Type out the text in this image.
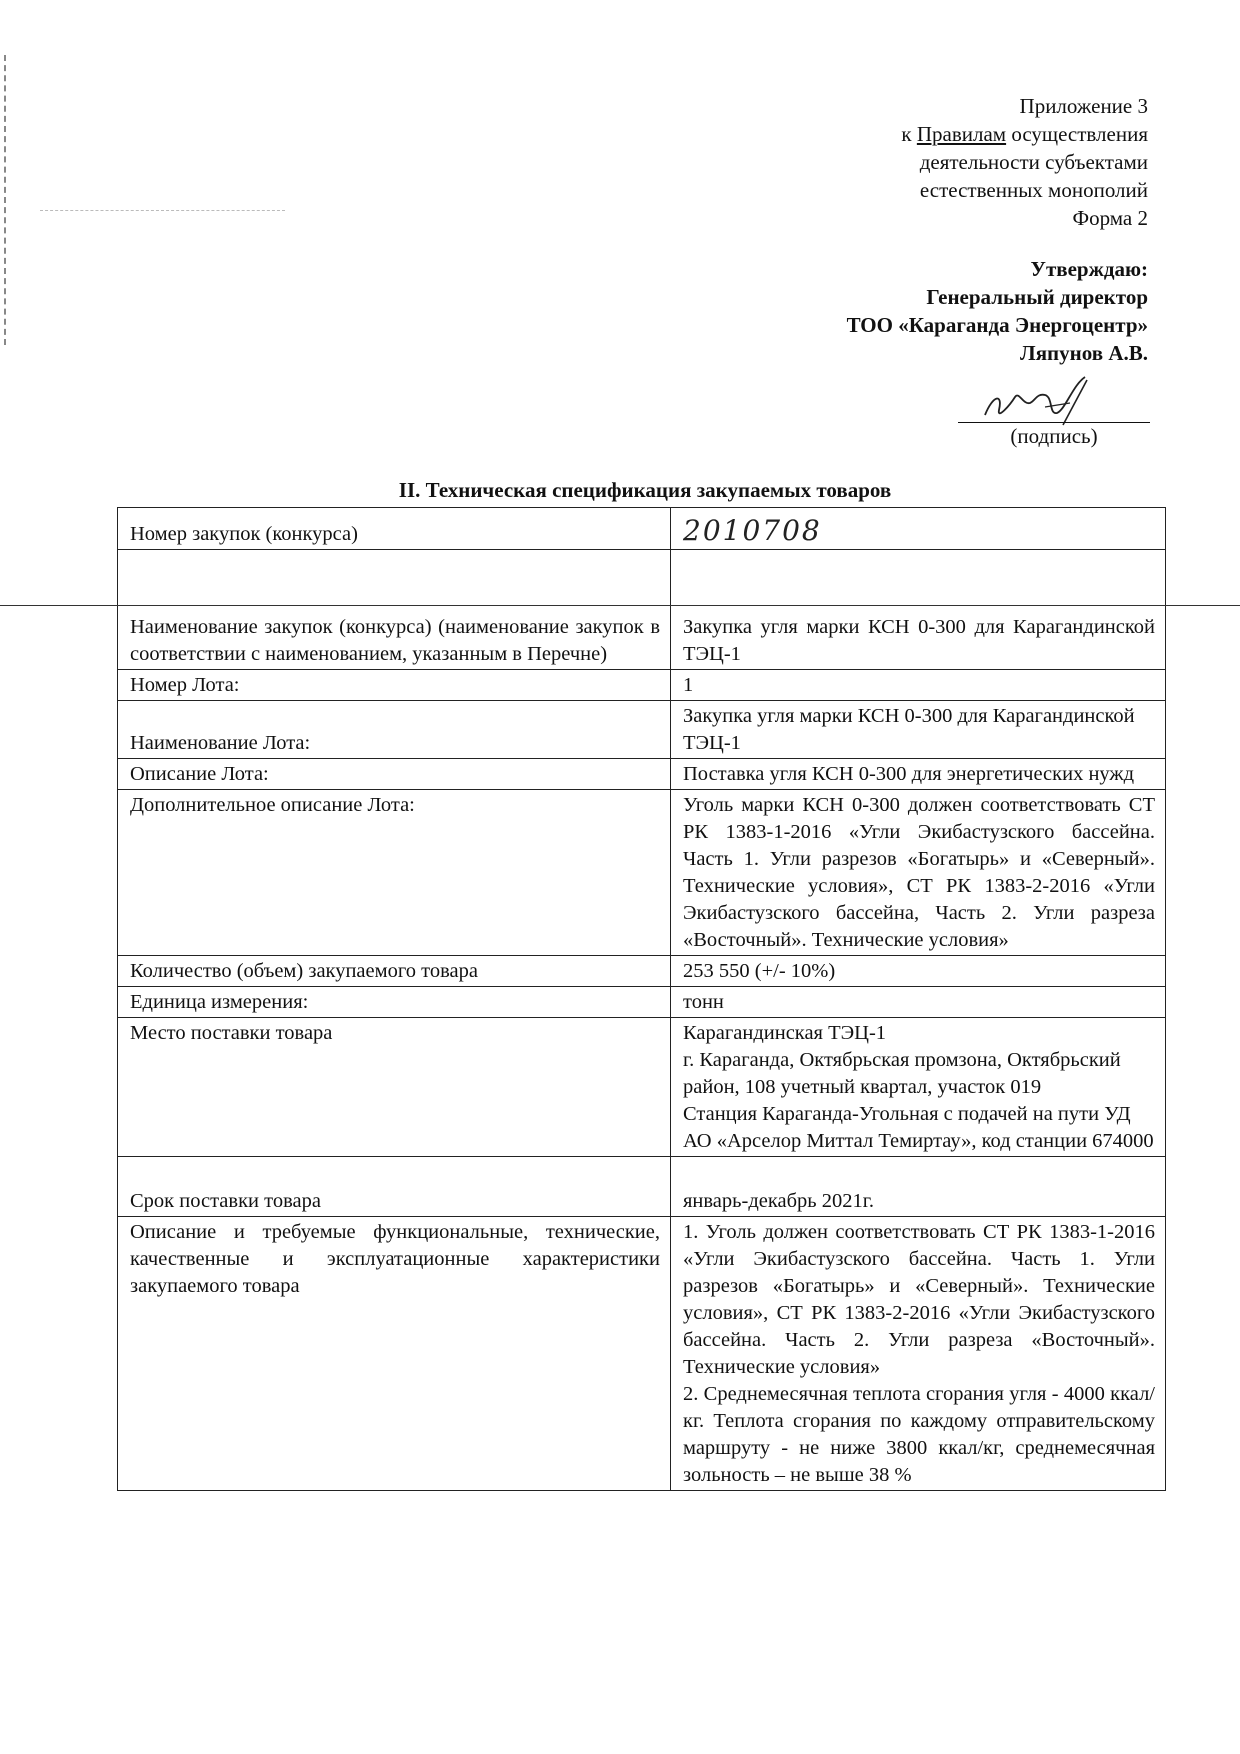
Приложение 3
к Правилам осуществления
деятельности субъектами
естественных монополий
Форма 2
Утверждаю:
Генеральный директор
ТОО «Караганда Энергоцентр»
Ляпунов А.В.
(подпись)
II. Техническая спецификация закупаемых товаров
Номер закупок (конкурса)	2010708
Наименование закупок (конкурса) (наименование закупок в соответствии с наименованием, указанным в Перечне)	Закупка угля марки КСН 0-300 для Карагандинской ТЭЦ-1
Номер Лота:	1
Наименование Лота:	Закупка угля марки КСН 0-300 для Карагандинской ТЭЦ-1
Описание Лота:	Поставка угля КСН 0-300 для энергетических нужд
Дополнительное описание Лота:	Уголь марки КСН 0-300 должен соответствовать СТ РК 1383-1-2016 «Угли Экибастузского бассейна. Часть 1. Угли разрезов «Богатырь» и «Северный». Технические условия», СТ РК 1383-2-2016 «Угли Экибастузского бассейна, Часть 2. Угли разреза «Восточный». Технические условия»
Количество (объем) закупаемого товара	253 550 (+/- 10%)
Единица измерения:	тонн
Место поставки товара	Карагандинская ТЭЦ-1
г. Караганда, Октябрьская промзона, Октябрьский район, 108 учетный квартал, участок 019
Станция Караганда-Угольная с подачей на пути УД АО «Арселор Миттал Темиртау», код станции 674000
Срок поставки товара	январь-декабрь 2021г.
Описание и требуемые функциональные, технические, качественные и эксплуатационные характеристики закупаемого товара	1. Уголь должен соответствовать СТ РК 1383-1-2016 «Угли Экибастузского бассейна. Часть 1. Угли разрезов «Богатырь» и «Северный». Технические условия», СТ РК 1383-2-2016 «Угли Экибастузского бассейна. Часть 2. Угли разреза «Восточный». Технические условия»
2. Среднемесячная теплота сгорания угля - 4000 ккал/кг. Теплота сгорания по каждому отправительскому маршруту - не ниже 3800 ккал/кг, среднемесячная зольность – не выше 38 %
